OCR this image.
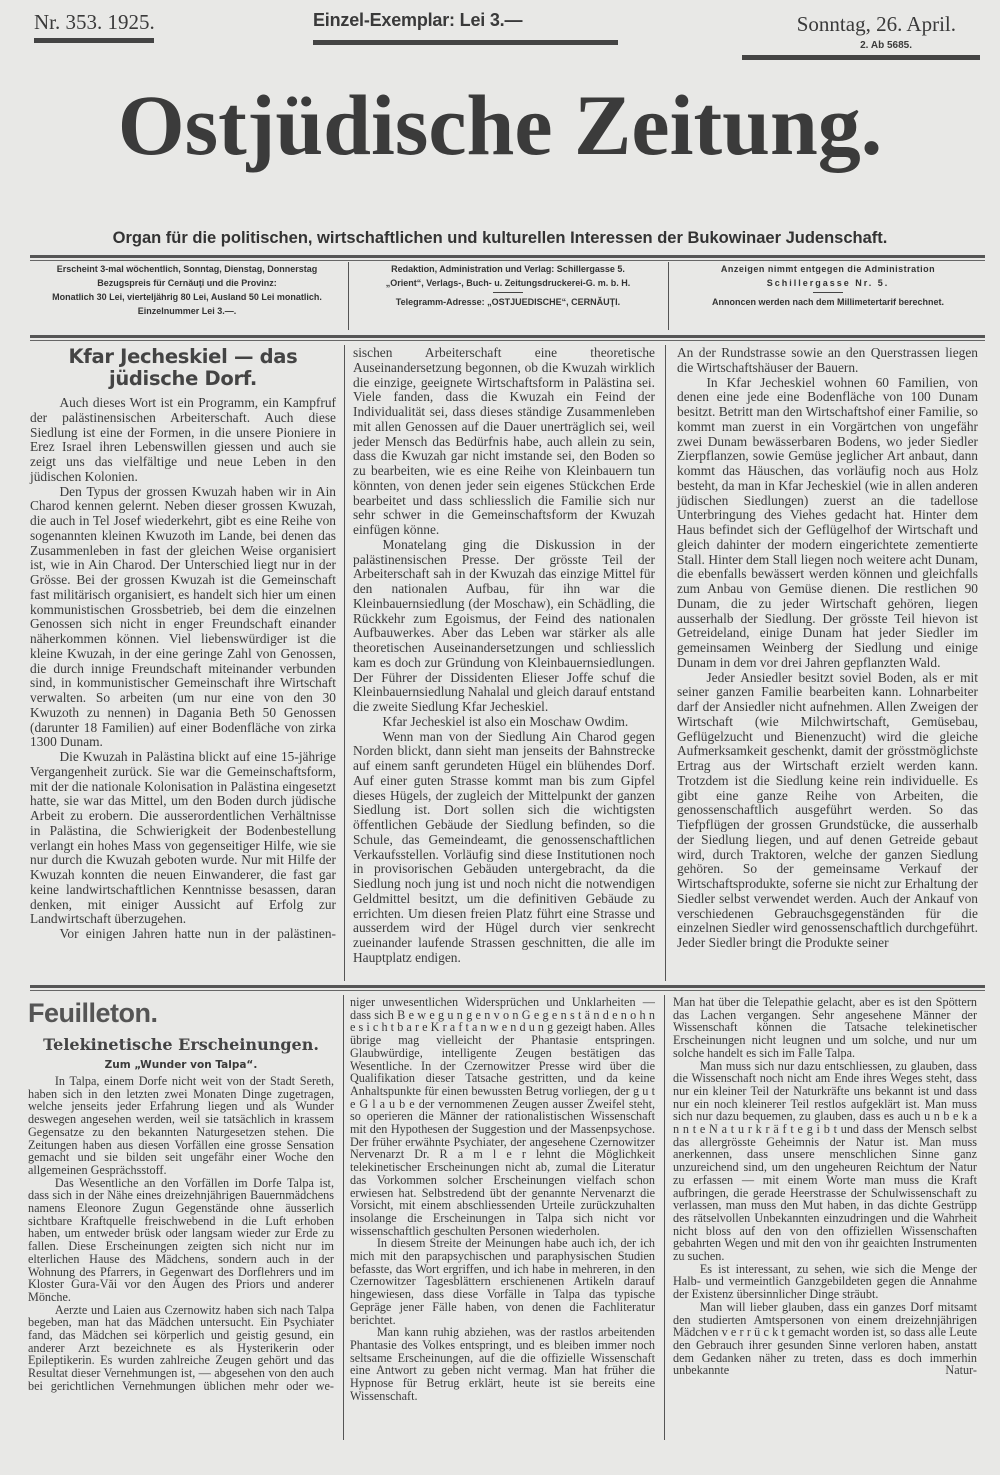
Nr. 353. 1925.	Einzel-Exemplar: Lei 3.—	Sonntag, 26. April.
2. Ab 5685.
Ostjüdische Zeitung.
Organ für die politischen, wirtschaftlichen und kulturellen Interessen der Bukowinaer Judenschaft.
Erscheint 3-mal wöchentlich, Sonntag, Dienstag, Donnerstag
Bezugspreis für Cernăuţi und die Provinz:
Monatlich 30 Lei, vierteljährig 80 Lei, Ausland 50 Lei monatlich.
Einzelnummer Lei 3.—.
Redaktion, Administration und Verlag: Schillergasse 5.
„Orient“, Verlags-, Buch- u. Zeitungsdruckerei-G. m. b. H.
Telegramm-Adresse: „OSTJUEDISCHE“, CERNĂUŢI.
Anzeigen nimmt entgegen die Administration
Schillergasse Nr. 5.
Annoncen werden nach dem Millimetertarif berechnet.
Kfar Jecheskiel — das jüdische Dorf.

Auch dieses Wort ist ein Programm, ein Kampfruf der palästinensischen Arbeiterschaft. Auch diese Siedlung ist eine der Formen, in die unsere Pioniere in Erez Israel ihren Lebenswillen giessen und auch sie zeigt uns das vielfältige und neue Leben in den jüdischen Kolonien.

Den Typus der grossen Kwuzah haben wir in Ain Charod kennen gelernt. Neben dieser grossen Kwuzah, die auch in Tel Josef wiederkehrt, gibt es eine Reihe von sogenannten kleinen Kwuzoth im Lande, bei denen das Zusammenleben in fast der gleichen Weise organisiert ist, wie in Ain Charod. Der Unterschied liegt nur in der Grösse. Bei der grossen Kwuzah ist die Gemeinschaft fast militärisch organisiert, es handelt sich hier um einen kommunistischen Grossbetrieb, bei dem die einzelnen Genossen sich nicht in enger Freundschaft einander näherkommen können. Viel liebenswürdiger ist die kleine Kwuzah, in der eine geringe Zahl von Genossen, die durch innige Freundschaft miteinander verbunden sind, in kommunistischer Gemeinschaft ihre Wirtschaft verwalten. So arbeiten (um nur eine von den 30 Kwuzoth zu nennen) in Dagania Beth 50 Genossen (darunter 18 Familien) auf einer Bodenfläche von zirka 1300 Dunam.

Die Kwuzah in Palästina blickt auf eine 15-jährige Vergangenheit zurück. Sie war die Gemeinschaftsform, mit der die nationale Kolonisation in Palästina eingesetzt hatte, sie war das Mittel, um den Boden durch jüdische Arbeit zu erobern. Die ausserordentlichen Verhältnisse in Palästina, die Schwierigkeit der Bodenbestellung verlangt ein hohes Mass von gegenseitiger Hilfe, wie sie nur durch die Kwuzah geboten wurde. Nur mit Hilfe der Kwuzah konnten die neuen Einwanderer, die fast gar keine landwirtschaftlichen Kenntnisse besassen, daran denken, mit einiger Aussicht auf Erfolg zur Landwirtschaft überzugehen.

Vor einigen Jahren hatte nun in der palästinen-

sischen Arbeiterschaft eine theoretische Auseinandersetzung begonnen, ob die Kwuzah wirklich die einzige, geeignete Wirtschaftsform in Palästina sei. Viele fanden, dass die Kwuzah ein Feind der Individualität sei, dass dieses ständige Zusammenleben mit allen Genossen auf die Dauer unerträglich sei, weil jeder Mensch das Bedürfnis habe, auch allein zu sein, dass die Kwuzah gar nicht imstande sei, den Boden so zu bearbeiten, wie es eine Reihe von Kleinbauern tun könnten, von denen jeder sein eigenes Stückchen Erde bearbeitet und dass schliesslich die Familie sich nur sehr schwer in die Gemeinschaftsform der Kwuzah einfügen könne.

Monatelang ging die Diskussion in der palästinensischen Presse. Der grösste Teil der Arbeiterschaft sah in der Kwuzah das einzige Mittel für den nationalen Aufbau, für ihn war die Kleinbauernsiedlung (der Moschaw), ein Schädling, die Rückkehr zum Egoismus, der Feind des nationalen Aufbauwerkes. Aber das Leben war stärker als alle theoretischen Auseinandersetzungen und schliesslich kam es doch zur Gründung von Kleinbauernsiedlungen. Der Führer der Dissidenten Elieser Joffe schuf die Kleinbauernsiedlung Nahalal und gleich darauf entstand die zweite Siedlung Kfar Jecheskiel.

Kfar Jecheskiel ist also ein Moschaw Owdim.

Wenn man von der Siedlung Ain Charod gegen Norden blickt, dann sieht man jenseits der Bahnstrecke auf einem sanft gerundeten Hügel ein blühendes Dorf. Auf einer guten Strasse kommt man bis zum Gipfel dieses Hügels, der zugleich der Mittelpunkt der ganzen Siedlung ist. Dort sollen sich die wichtigsten öffentlichen Gebäude der Siedlung befinden, so die Schule, das Gemeindeamt, die genossenschaftlichen Verkaufsstellen. Vorläufig sind diese Institutionen noch in provisorischen Gebäuden untergebracht, da die Siedlung noch jung ist und noch nicht die notwendigen Geldmittel besitzt, um die definitiven Gebäude zu errichten. Um diesen freien Platz führt eine Strasse und ausserdem wird der Hügel durch vier senkrecht zueinander laufende Strassen geschnitten, die alle im Hauptplatz endigen.

An der Rundstrasse sowie an den Querstrassen liegen die Wirtschaftshäuser der Bauern.

In Kfar Jecheskiel wohnen 60 Familien, von denen eine jede eine Bodenfläche von 100 Dunam besitzt. Betritt man den Wirtschaftshof einer Familie, so kommt man zuerst in ein Vorgärtchen von ungefähr zwei Dunam bewässerbaren Bodens, wo jeder Siedler Zierpflanzen, sowie Gemüse jeglicher Art anbaut, dann kommt das Häuschen, das vorläufig noch aus Holz besteht, da man in Kfar Jecheskiel (wie in allen anderen jüdischen Siedlungen) zuerst an die tadellose Unterbringung des Viehes gedacht hat. Hinter dem Haus befindet sich der Geflügelhof der Wirtschaft und gleich dahinter der modern eingerichtete zementierte Stall. Hinter dem Stall liegen noch weitere acht Dunam, die ebenfalls bewässert werden können und gleichfalls zum Anbau von Gemüse dienen. Die restlichen 90 Dunam, die zu jeder Wirtschaft gehören, liegen ausserhalb der Siedlung. Der grösste Teil hievon ist Getreideland, einige Dunam hat jeder Siedler im gemeinsamen Weinberg der Siedlung und einige Dunam in dem vor drei Jahren gepflanzten Wald.

Jeder Ansiedler besitzt soviel Boden, als er mit seiner ganzen Familie bearbeiten kann. Lohnarbeiter darf der Ansiedler nicht aufnehmen. Allen Zweigen der Wirtschaft (wie Milchwirtschaft, Gemüsebau, Geflügelzucht und Bienenzucht) wird die gleiche Aufmerksamkeit geschenkt, damit der grösstmöglichste Ertrag aus der Wirtschaft erzielt werden kann. Trotzdem ist die Siedlung keine rein individuelle. Es gibt eine ganze Reihe von Arbeiten, die genossenschaftlich ausgeführt werden. So das Tiefpflügen der grossen Grundstücke, die ausserhalb der Siedlung liegen, und auf denen Getreide gebaut wird, durch Traktoren, welche der ganzen Siedlung gehören. So der gemeinsame Verkauf der Wirtschaftsprodukte, soferne sie nicht zur Erhaltung der Siedler selbst verwendet werden. Auch der Ankauf von verschiedenen Gebrauchsgegenständen für die einzelnen Siedler wird genossenschaftlich durchgeführt. Jeder Siedler bringt die Produkte seiner

Feuilleton.
Telekinetische Erscheinungen.
Zum „Wunder von Talpa“.

In Talpa, einem Dorfe nicht weit von der Stadt Sereth, haben sich in den letzten zwei Monaten Dinge zugetragen, welche jenseits jeder Erfahrung liegen und als Wunder deswegen angesehen werden, weil sie tatsächlich in krassem Gegensatze zu den bekannten Naturgesetzen stehen. Die Zeitungen haben aus diesen Vorfällen eine grosse Sensation gemacht und sie bilden seit ungefähr einer Woche den allgemeinen Gesprächsstoff.

Das Wesentliche an den Vorfällen im Dorfe Talpa ist, dass sich in der Nähe eines dreizehnjährigen Bauernmädchens namens Eleonore Zugun Gegenstände ohne äusserlich sichtbare Kraftquelle freischwebend in die Luft erhoben haben, um entweder brüsk oder langsam wieder zur Erde zu fallen. Diese Erscheinungen zeigten sich nicht nur im elterlichen Hause des Mädchens, sondern auch in der Wohnung des Pfarrers, in Gegenwart des Dorflehrers und im Kloster Gura-Văi vor den Augen des Priors und anderer Mönche.

Aerzte und Laien aus Czernowitz haben sich nach Talpa begeben, man hat das Mädchen untersucht. Ein Psychiater fand, das Mädchen sei körperlich und geistig gesund, ein anderer Arzt bezeichnete es als Hysterikerin oder Epileptikerin. Es wurden zahlreiche Zeugen gehört und das Resultat dieser Vernehmungen ist, — abgesehen von den auch bei gerichtlichen Vernehmungen üblichen mehr oder we-

niger unwesentlichen Widersprüchen und Unklarheiten — dass sich B e w e g u n g e n v o n G e g e n s t ä n d e n o h n e s i c h t b a r e K r a f t a n w e n d u n g gezeigt haben. Alles übrige mag vielleicht der Phantasie entspringen. Glaubwürdige, intelligente Zeugen bestätigen das Wesentliche. In der Czernowitzer Presse wird über die Qualifikation dieser Tatsache gestritten, und da keine Anhaltspunkte für einen bewussten Betrug vorliegen, der g u t e G l a u b e der vernommenen Zeugen ausser Zweifel steht, so operieren die Männer der rationalistischen Wissenschaft mit den Hypothesen der Suggestion und der Massenpsychose. Der früher erwähnte Psychiater, der angesehene Czernowitzer Nervenarzt Dr. R a m l e r lehnt die Möglichkeit telekinetischer Erscheinungen nicht ab, zumal die Literatur das Vorkommen solcher Erscheinungen vielfach schon erwiesen hat. Selbstredend übt der genannte Nervenarzt die Vorsicht, mit einem abschliessenden Urteile zurückzuhalten insolange die Erscheinungen in Talpa sich nicht vor wissenschaftlich geschulten Personen wiederholen.

In diesem Streite der Meinungen habe auch ich, der ich mich mit den parapsychischen und paraphysischen Studien befasste, das Wort ergriffen, und ich habe in mehreren, in den Czernowitzer Tagesblättern erschienenen Artikeln darauf hingewiesen, dass diese Vorfälle in Talpa das typische Gepräge jener Fälle haben, von denen die Fachliteratur berichtet.

Man kann ruhig abziehen, was der rastlos arbeitenden Phantasie des Volkes entspringt, und es bleiben immer noch seltsame Erscheinungen, auf die die offizielle Wissenschaft eine Antwort zu geben nicht vermag. Man hat früher die Hypnose für Betrug erklärt, heute ist sie bereits eine Wissenschaft.

Man hat über die Telepathie gelacht, aber es ist den Spöttern das Lachen vergangen. Sehr angesehene Männer der Wissenschaft können die Tatsache telekinetischer Erscheinungen nicht leugnen und um solche, und nur um solche handelt es sich im Falle Talpa.

Man muss sich nur dazu entschliessen, zu glauben, dass die Wissenschaft noch nicht am Ende ihres Weges steht, dass nur ein kleiner Teil der Naturkräfte uns bekannt ist und dass nur ein noch kleinerer Teil restlos aufgeklärt ist. Man muss sich nur dazu bequemen, zu glauben, dass es auch u n b e k a n n t e N a t u r k r ä f t e g i b t und dass der Mensch selbst das allergrösste Geheimnis der Natur ist. Man muss anerkennen, dass unsere menschlichen Sinne ganz unzureichend sind, um den ungeheuren Reichtum der Natur zu erfassen — mit einem Worte man muss die Kraft aufbringen, die gerade Heerstrasse der Schulwissenschaft zu verlassen, man muss den Mut haben, in das dichte Gestrüpp des rätselvollen Unbekannten einzudringen und die Wahrheit nicht bloss auf den von den offiziellen Wissenschaften gebahrten Wegen und mit den von ihr geaichten Instrumenten zu suchen.

Es ist interessant, zu sehen, wie sich die Menge der Halb- und vermeintlich Ganzgebildeten gegen die Annahme der Existenz übersinnlicher Dinge sträubt.

Man will lieber glauben, dass ein ganzes Dorf mitsamt den studierten Amtspersonen von einem dreizehnjährigen Mädchen v e r r ü c k t gemacht worden ist, so dass alle Leute den Gebrauch ihrer gesunden Sinne verloren haben, anstatt dem Gedanken näher zu treten, dass es doch immerhin unbekannte Natur-
